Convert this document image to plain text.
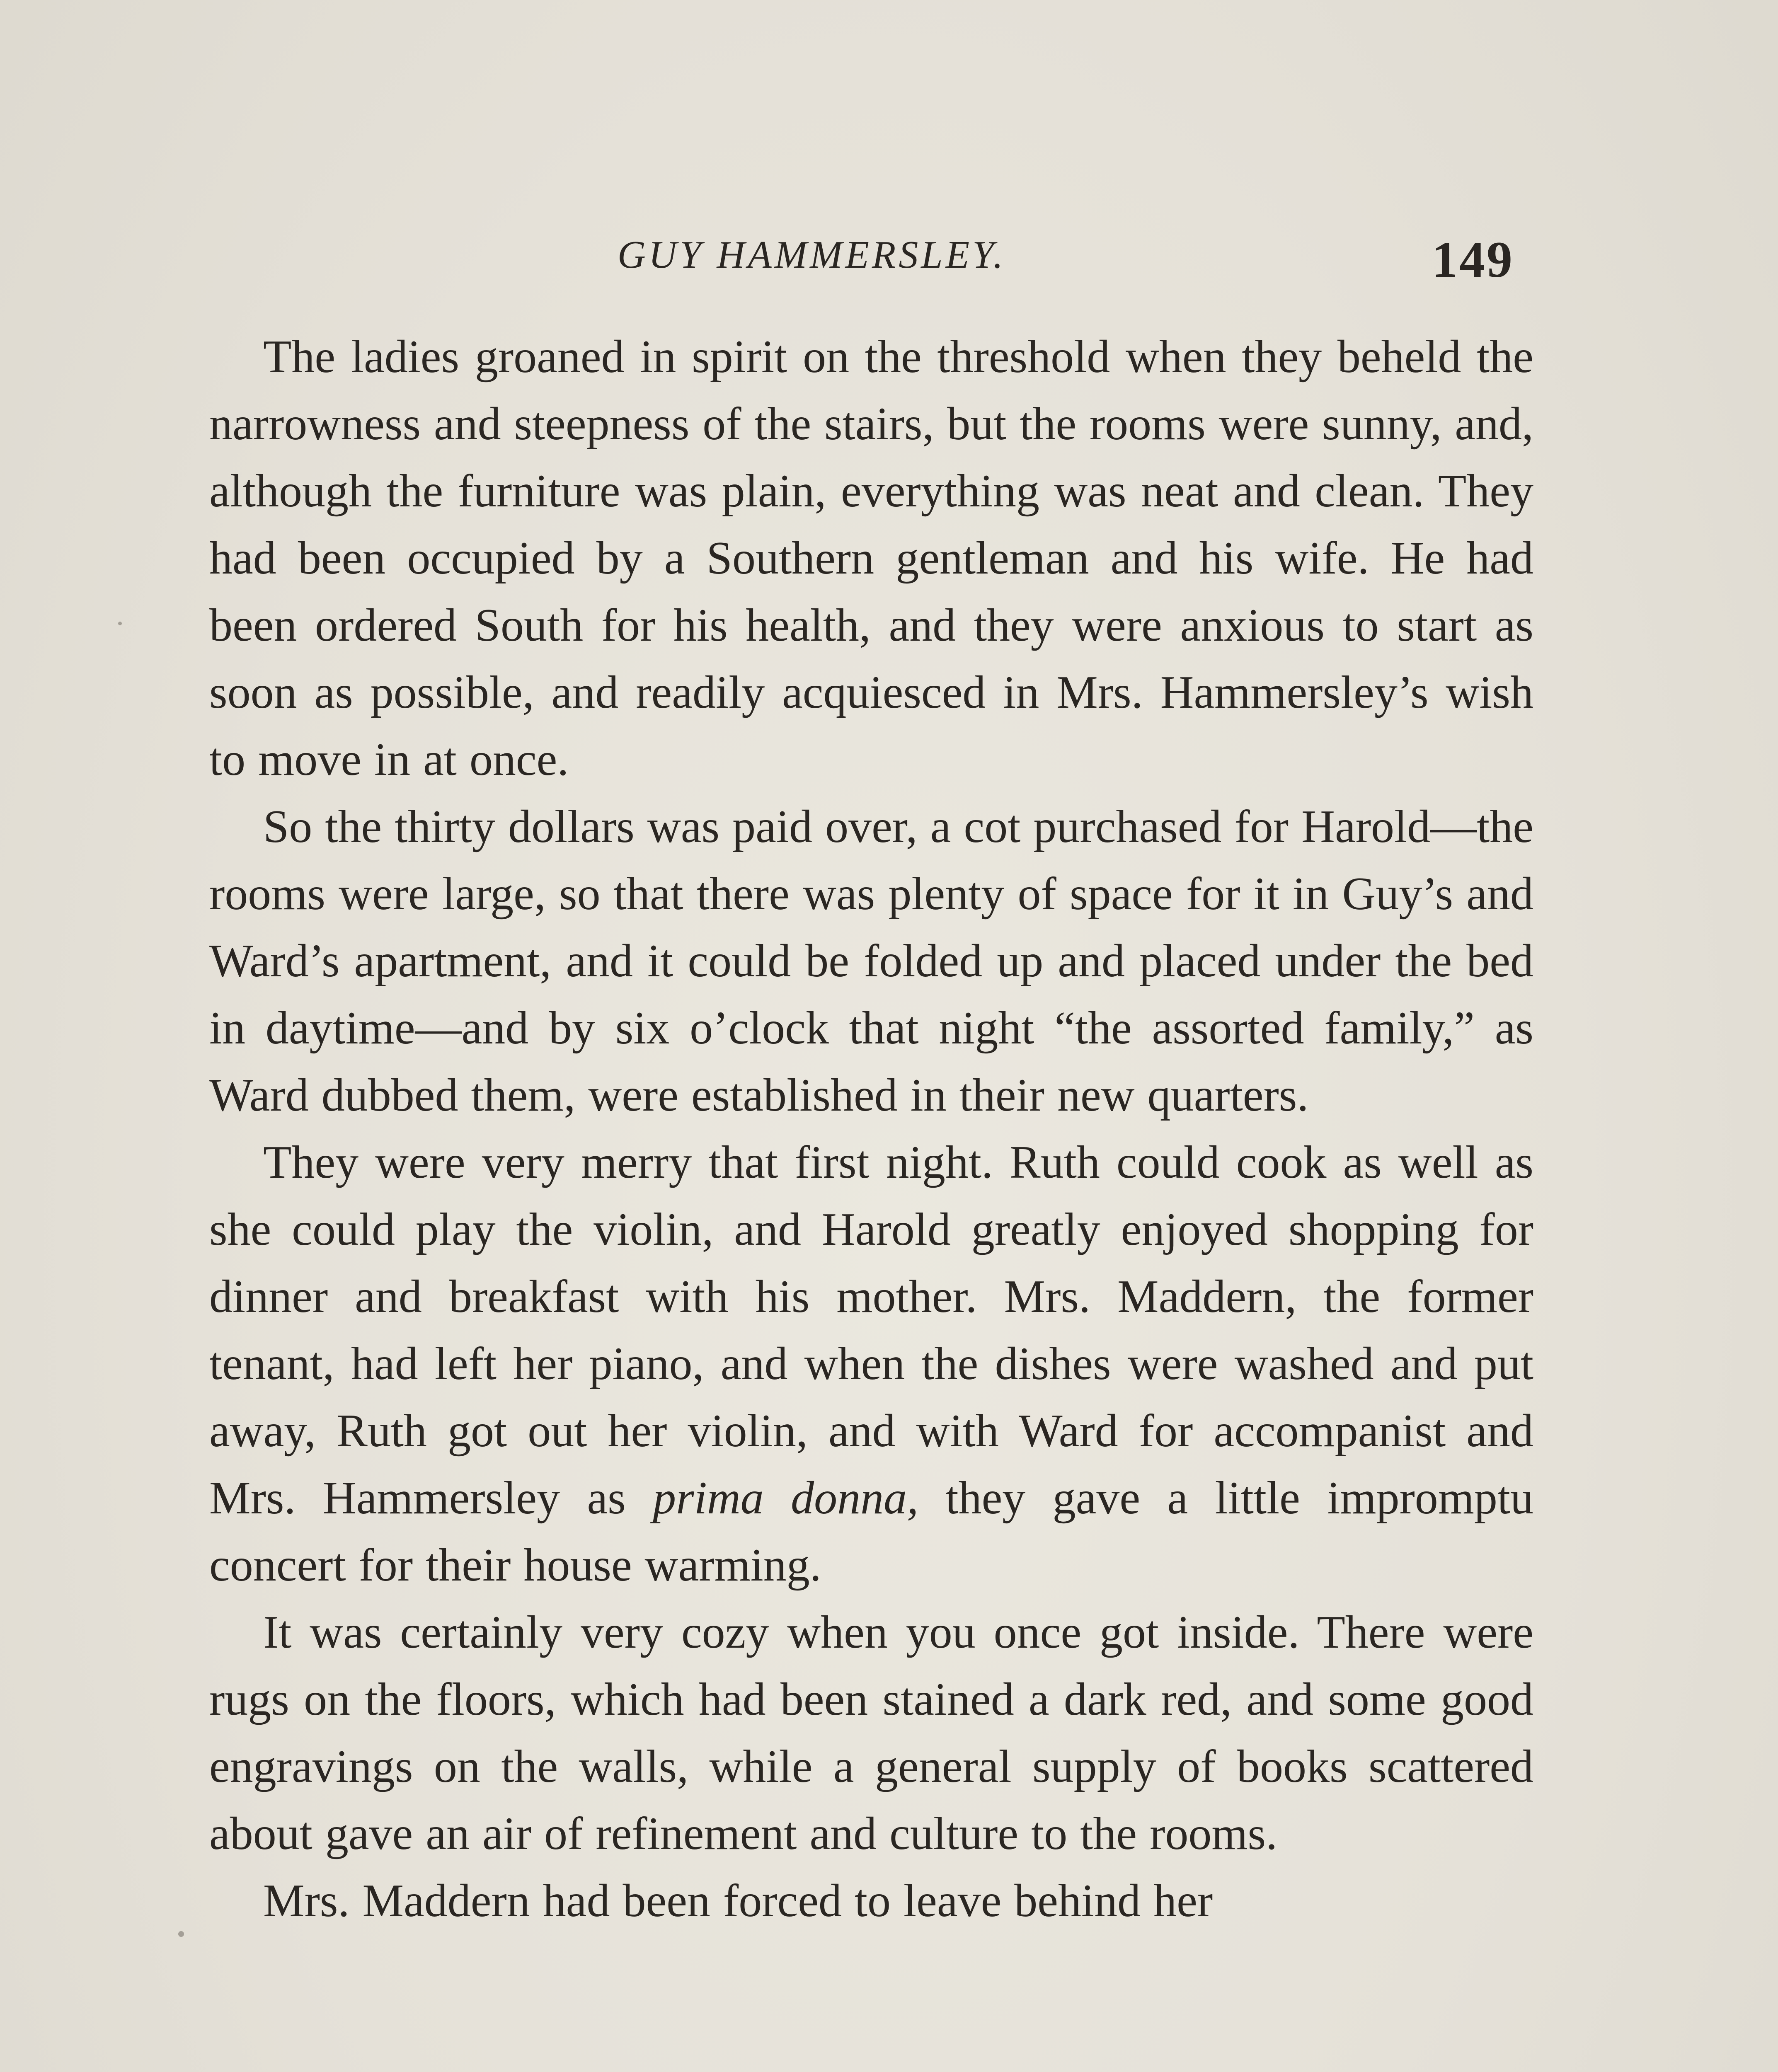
GUY HAMMERSLEY.	149

The ladies groaned in spirit on the threshold when they beheld the narrowness and steepness of the stairs, but the rooms were sunny, and, although the furniture was plain, everything was neat and clean. They had been occupied by a Southern gentleman and his wife. He had been ordered South for his health, and they were anxious to start as soon as possible, and readily acquiesced in Mrs. Hammersley’s wish to move in at once.

So the thirty dollars was paid over, a cot purchased for Harold—the rooms were large, so that there was plenty of space for it in Guy’s and Ward’s apartment, and it could be folded up and placed under the bed in daytime—and by six o’clock that night “the assorted family,” as Ward dubbed them, were established in their new quarters.

They were very merry that first night. Ruth could cook as well as she could play the violin, and Harold greatly enjoyed shopping for dinner and breakfast with his mother. Mrs. Maddern, the former tenant, had left her piano, and when the dishes were washed and put away, Ruth got out her violin, and with Ward for accompanist and Mrs. Hammersley as prima donna, they gave a little impromptu concert for their house warming.

It was certainly very cozy when you once got inside. There were rugs on the floors, which had been stained a dark red, and some good engravings on the walls, while a general supply of books scattered about gave an air of refinement and culture to the rooms.

Mrs. Maddern had been forced to leave behind her
